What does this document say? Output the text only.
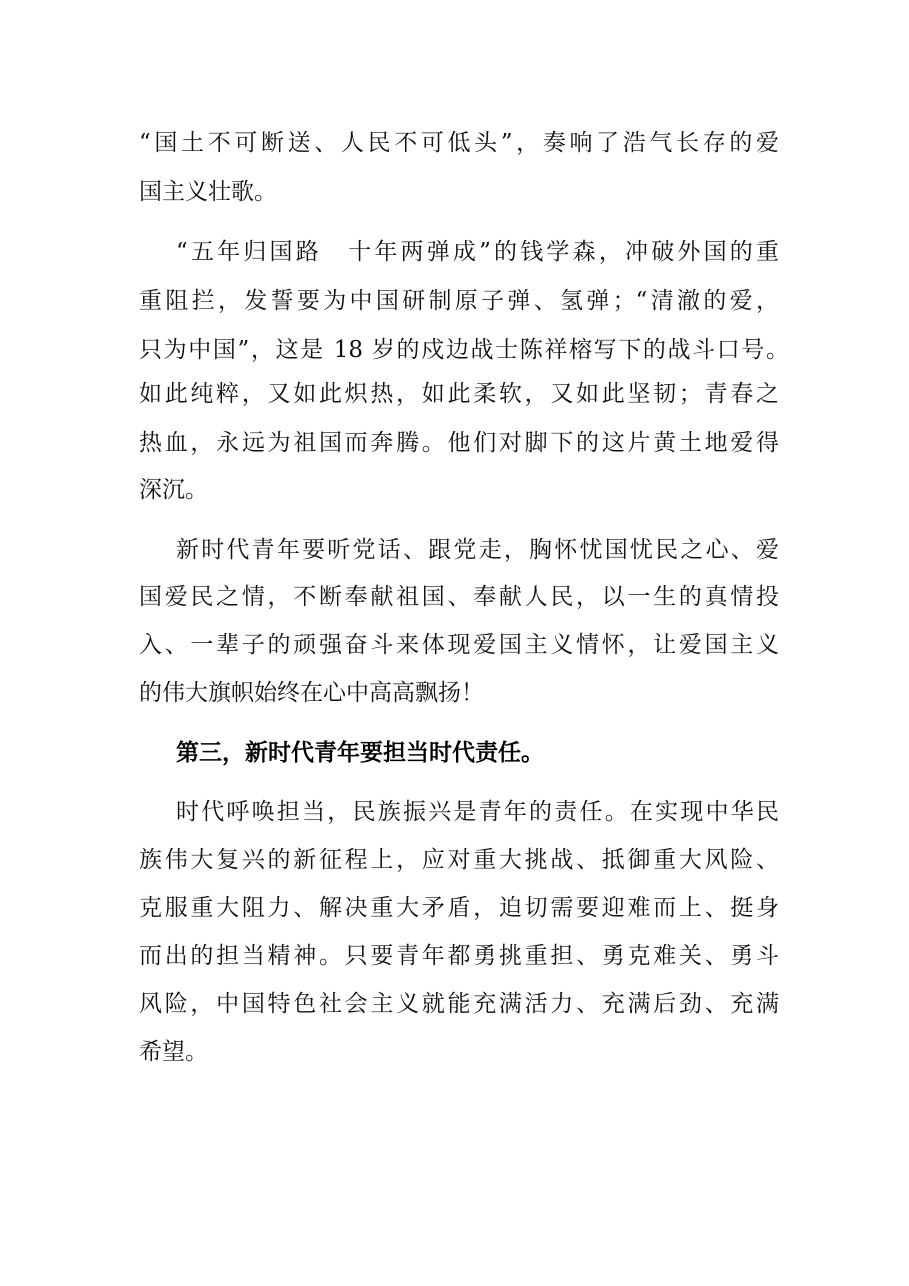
“国土不可断送、人民不可低头”，奏响了浩气长存的爱
国主义壮歌。
“五年归国路　十年两弹成”的钱学森，冲破外国的重
重阻拦，发誓要为中国研制原子弹、氢弹；“清澈的爱，
只为中国”，这是 18 岁的戍边战士陈祥榕写下的战斗口号。
如此纯粹，又如此炽热，如此柔软，又如此坚韧；青春之
热血，永远为祖国而奔腾。他们对脚下的这片黄土地爱得
深沉。
新时代青年要听党话、跟党走，胸怀忧国忧民之心、爱
国爱民之情，不断奉献祖国、奉献人民，以一生的真情投
入、一辈子的顽强奋斗来体现爱国主义情怀，让爱国主义
的伟大旗帜始终在心中高高飘扬！
第三，新时代青年要担当时代责任。
时代呼唤担当，民族振兴是青年的责任。在实现中华民
族伟大复兴的新征程上，应对重大挑战、抵御重大风险、
克服重大阻力、解决重大矛盾，迫切需要迎难而上、挺身
而出的担当精神。只要青年都勇挑重担、勇克难关、勇斗
风险，中国特色社会主义就能充满活力、充满后劲、充满
希望。
